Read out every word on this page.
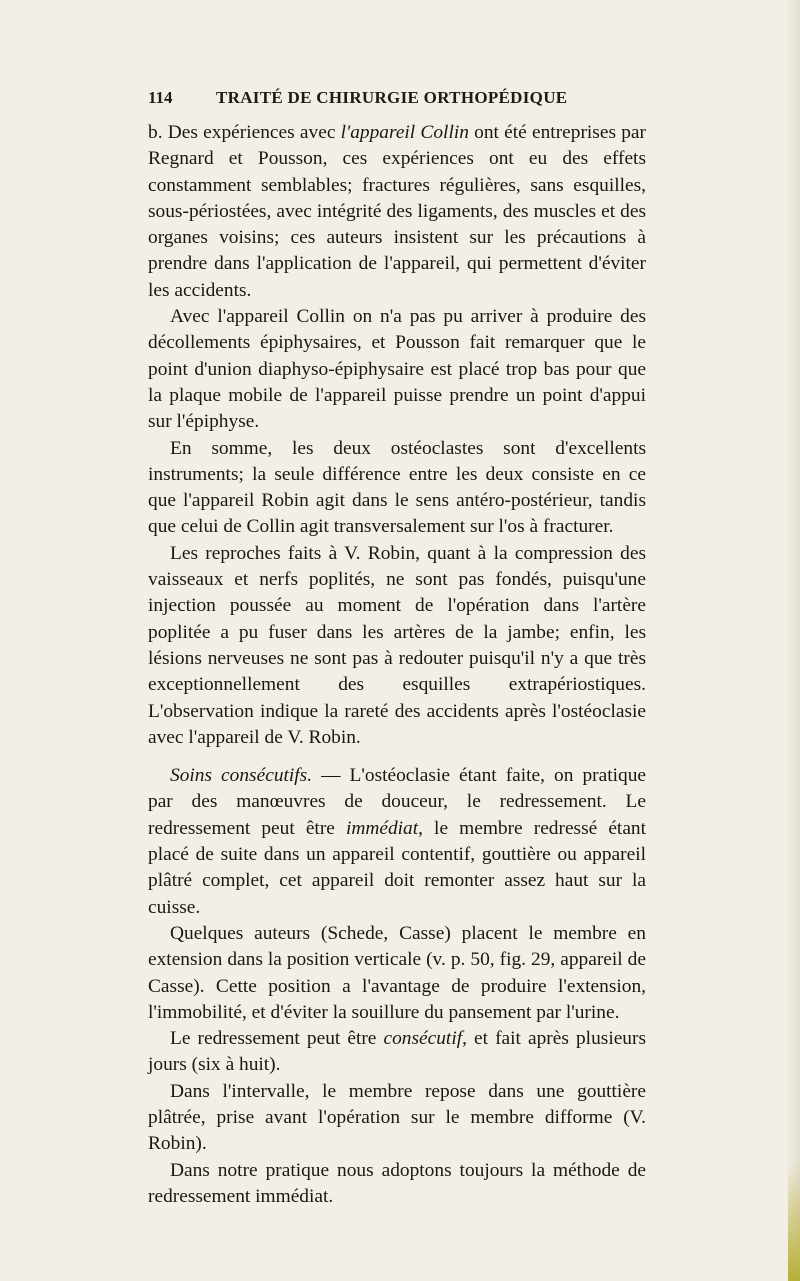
114	TRAITÉ DE CHIRURGIE ORTHOPÉDIQUE

b. Des expériences avec l'appareil Collin ont été entreprises par Regnard et Pousson, ces expériences ont eu des effets constamment semblables; fractures régulières, sans esquilles, sous-périostées, avec intégrité des ligaments, des muscles et des organes voisins; ces auteurs insistent sur les précautions à prendre dans l'application de l'appareil, qui permettent d'éviter les accidents.

Avec l'appareil Collin on n'a pas pu arriver à produire des décollements épiphysaires, et Pousson fait remarquer que le point d'union diaphyso-épiphysaire est placé trop bas pour que la plaque mobile de l'appareil puisse prendre un point d'appui sur l'épiphyse.

En somme, les deux ostéoclastes sont d'excellents instruments; la seule différence entre les deux consiste en ce que l'appareil Robin agit dans le sens antéro-postérieur, tandis que celui de Collin agit transversalement sur l'os à fracturer.

Les reproches faits à V. Robin, quant à la compression des vaisseaux et nerfs poplités, ne sont pas fondés, puisqu'une injection poussée au moment de l'opération dans l'artère poplitée a pu fuser dans les artères de la jambe; enfin, les lésions nerveuses ne sont pas à redouter puisqu'il n'y a que très exceptionnellement des esquilles extrapériostiques. L'observation indique la rareté des accidents après l'ostéoclasie avec l'appareil de V. Robin.

Soins consécutifs. — L'ostéoclasie étant faite, on pratique par des manœuvres de douceur, le redressement. Le redressement peut être immédiat, le membre redressé étant placé de suite dans un appareil contentif, gouttière ou appareil plâtré complet, cet appareil doit remonter assez haut sur la cuisse.

Quelques auteurs (Schede, Casse) placent le membre en extension dans la position verticale (v. p. 50, fig. 29, appareil de Casse). Cette position a l'avantage de produire l'extension, l'immobilité, et d'éviter la souillure du pansement par l'urine.

Le redressement peut être consécutif, et fait après plusieurs jours (six à huit).

Dans l'intervalle, le membre repose dans une gouttière plâtrée, prise avant l'opération sur le membre difforme (V. Robin).

Dans notre pratique nous adoptons toujours la méthode de redressement immédiat.
